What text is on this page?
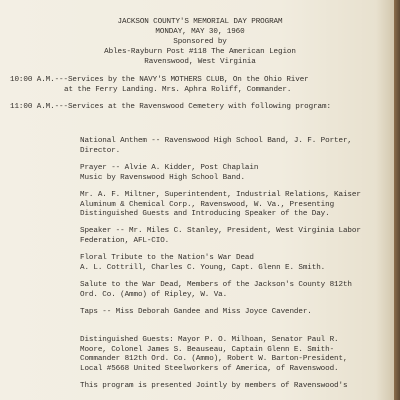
JACKSON COUNTY'S MEMORIAL DAY PROGRAM
MONDAY, MAY 30, 1960
Sponsored by
Ables-Rayburn Post #118 The American Legion
Ravenswood, West Virginia
10:00 A.M.---Services by the NAVY'S MOTHERS CLUB, On the Ohio River
at the Ferry Landing. Mrs. Aphra Roliff, Commander.
11:00 A.M.---Services at the Ravenswood Cemetery with following program:
National Anthem -- Ravenswood High School Band, J. F. Porter,
Director.
Prayer -- Alvie A. Kidder, Post Chaplain
Music by Ravenswood High School Band.
Mr. A. F. Miltner, Superintendent, Industrial Relations, Kaiser
Aluminum & Chemical Corp., Ravenswood, W. Va., Presenting
Distinguished Guests and Introducing Speaker of the Day.
Speaker -- Mr. Miles C. Stanley, President, West Virginia Labor
Federation, AFL-CIO.
Floral Tribute to the Nation's War Dead
A. L. Cottrill, Charles C. Young, Capt. Glenn E. Smith.
Salute to the War Dead, Members of the Jackson's County 812th
Ord. Co. (Ammo) of Ripley, W. Va.
Taps -- Miss Deborah Gandee and Miss Joyce Cavender.
Distinguished Guests: Mayor P. O. Milhoan, Senator Paul R.
Moore, Colonel James S. Beauseau, Captain Glenn E. Smith-
Commander 812th Ord. Co. (Ammo), Robert W. Barton-President,
Local #5668 United Steelworkers of America, of Ravenswood.
This program is presented Jointly by members of Ravenswood's
